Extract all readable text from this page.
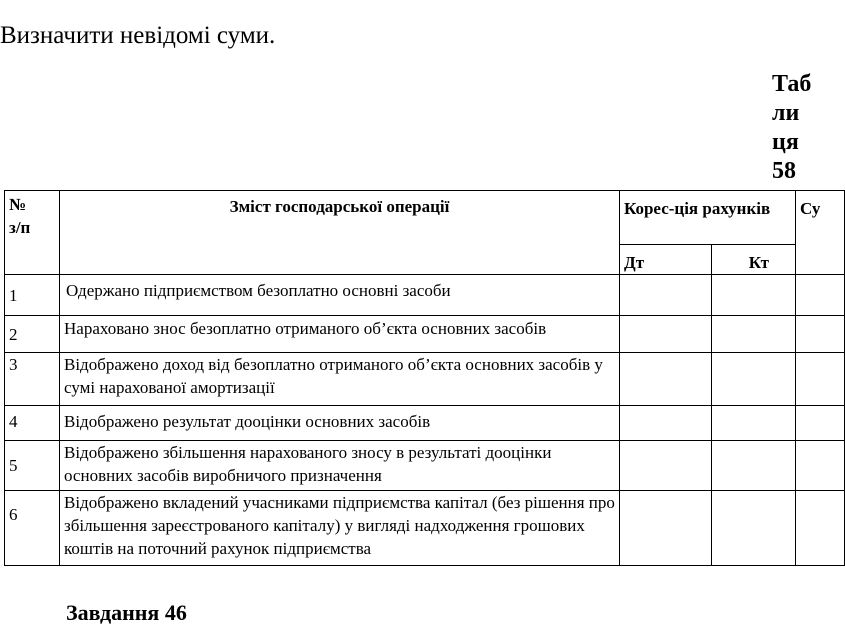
Визначити невідомі суми.
Таб
ли
ця
58
№
з/п	Зміст господарської операції	Корес-ція рахунків		Су
		Дт	Кт	
1	Одержано підприємством безоплатно основні засоби			
2	Нараховано знос безоплатно отриманого об’єкта основних засобів			
3	Відображено доход від безоплатно отриманого об’єкта основних засобів у сумі нарахованої амортизації			
4	Відображено результат дооцінки основних засобів			
5	Відображено збільшення нарахованого зносу в результаті дооцінки основних засобів виробничого призначення			
6	Відображено вкладений учасниками підприємства капітал (без рішення про збільшення зареєстрованого капіталу) у вигляді надходження грошових коштів на поточний рахунок підприємства			
Завдання 46
